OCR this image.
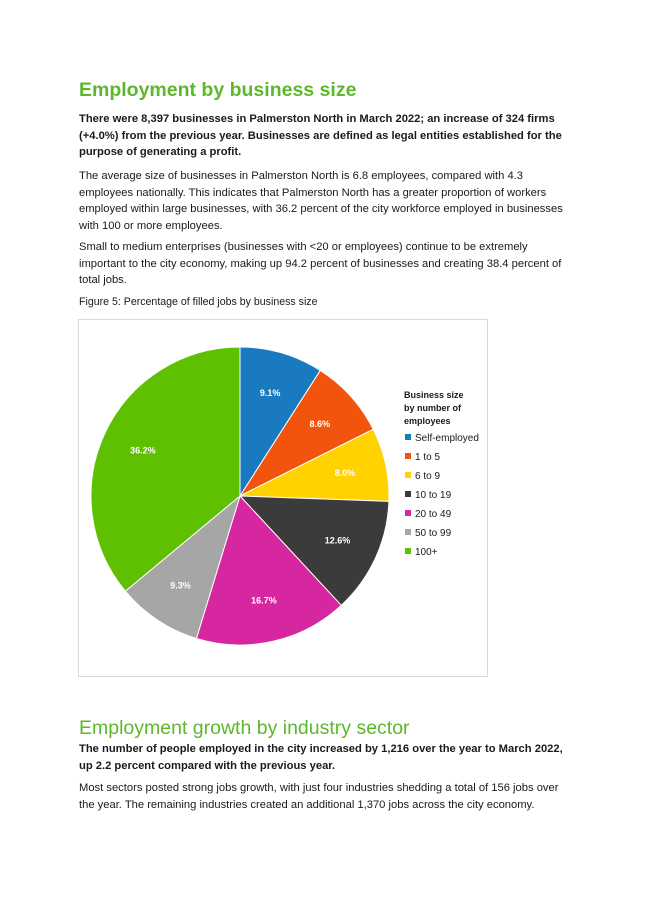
Employment by business size

There were 8,397 businesses in Palmerston North in March 2022; an increase of 324 firms (+4.0%) from the previous year. Businesses are defined as legal entities established for the purpose of generating a profit.

The average size of businesses in Palmerston North is 6.8 employees, compared with 4.3 employees nationally. This indicates that Palmerston North has a greater proportion of workers employed within large businesses, with 36.2 percent of the city workforce employed in businesses with 100 or more employees.

Small to medium enterprises (businesses with <20 or employees) continue to be extremely important to the city economy, making up 94.2 percent of businesses and creating 38.4 percent of total jobs.

Figure 5: Percentage of filled jobs by business size
9.1%
8.6%
8.0%
12.6%
16.7%
9.3%
36.2%
Business size
by number of
employees
Self-employed
1 to 5
6 to 9
10 to 19
20 to 49
50 to 99
100+
Employment growth by industry sector

The number of people employed in the city increased by 1,216 over the year to March 2022, up 2.2 percent compared with the previous year.

Most sectors posted strong jobs growth, with just four industries shedding a total of 156 jobs over the year. The remaining industries created an additional 1,370 jobs across the city economy.
